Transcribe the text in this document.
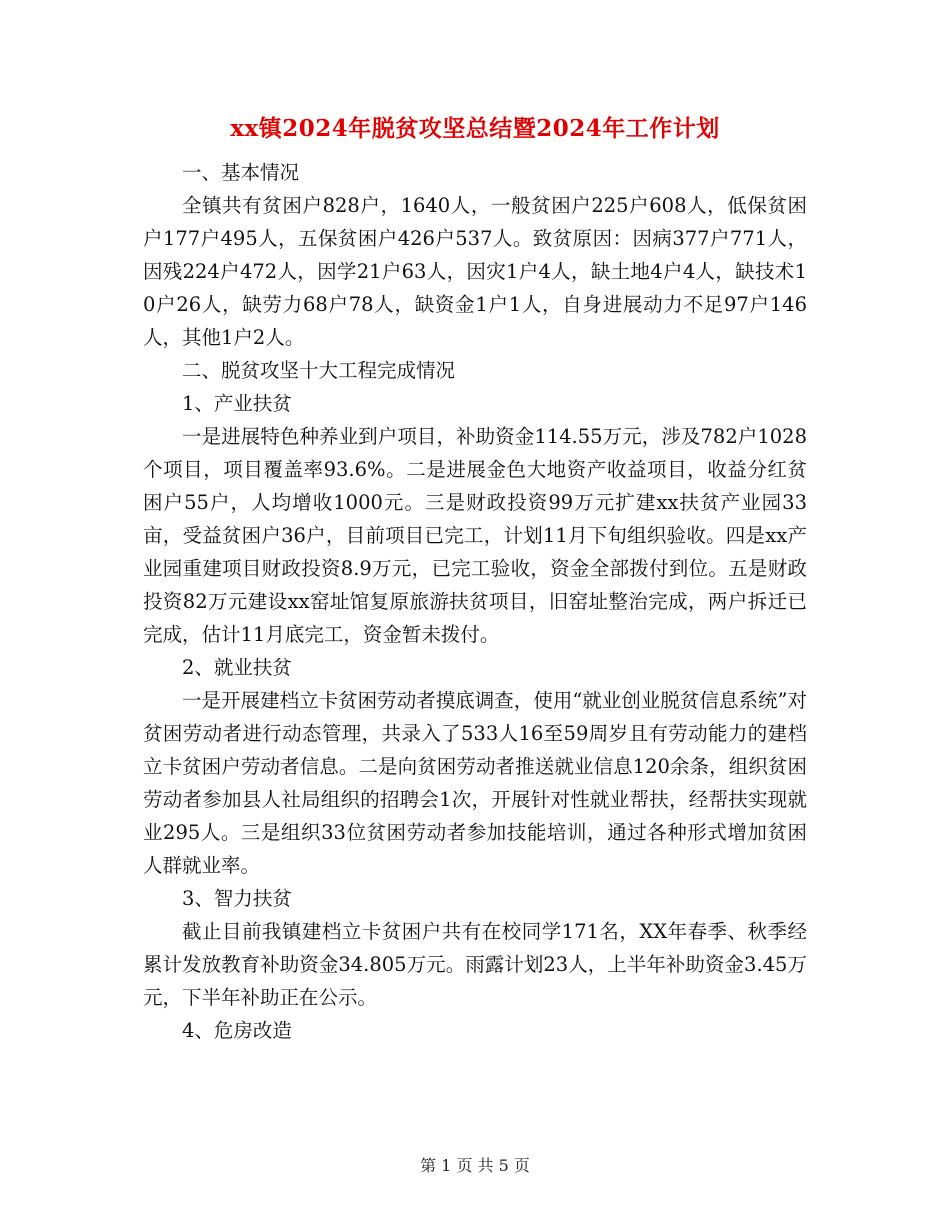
xx镇2024年脱贫攻坚总结暨2024年工作计划

一、基本情况

全镇共有贫困户828户，1640人，一般贫困户225户608人，低保贫困户177户495人，五保贫困户426户537人。致贫原因：因病377户771人，因残224户472人，因学21户63人，因灾1户4人，缺土地4户4人，缺技术10户26人，缺劳力68户78人，缺资金1户1人，自身进展动力不足97户146人，其他1户2人。

二、脱贫攻坚十大工程完成情况

1、产业扶贫

一是进展特色种养业到户项目，补助资金114.55万元，涉及782户1028个项目，项目覆盖率93.6%。二是进展金色大地资产收益项目，收益分红贫困户55户，人均增收1000元。三是财政投资99万元扩建xx扶贫产业园33亩，受益贫困户36户，目前项目已完工，计划11月下旬组织验收。四是xx产业园重建项目财政投资8.9万元，已完工验收，资金全部拨付到位。五是财政投资82万元建设xx窑址馆复原旅游扶贫项目，旧窑址整治完成，两户拆迁已完成，估计11月底完工，资金暂未拨付。

2、就业扶贫

一是开展建档立卡贫困劳动者摸底调查，使用“就业创业脱贫信息系统”对贫困劳动者进行动态管理，共录入了533人16至59周岁且有劳动能力的建档立卡贫困户劳动者信息。二是向贫困劳动者推送就业信息120余条，组织贫困劳动者参加县人社局组织的招聘会1次，开展针对性就业帮扶，经帮扶实现就业295人。三是组织33位贫困劳动者参加技能培训，通过各种形式增加贫困人群就业率。

3、智力扶贫

截止目前我镇建档立卡贫困户共有在校同学171名，XX年春季、秋季经累计发放教育补助资金34.805万元。雨露计划23人，上半年补助资金3.45万元，下半年补助正在公示。

4、危房改造

第 1 页 共 5 页
